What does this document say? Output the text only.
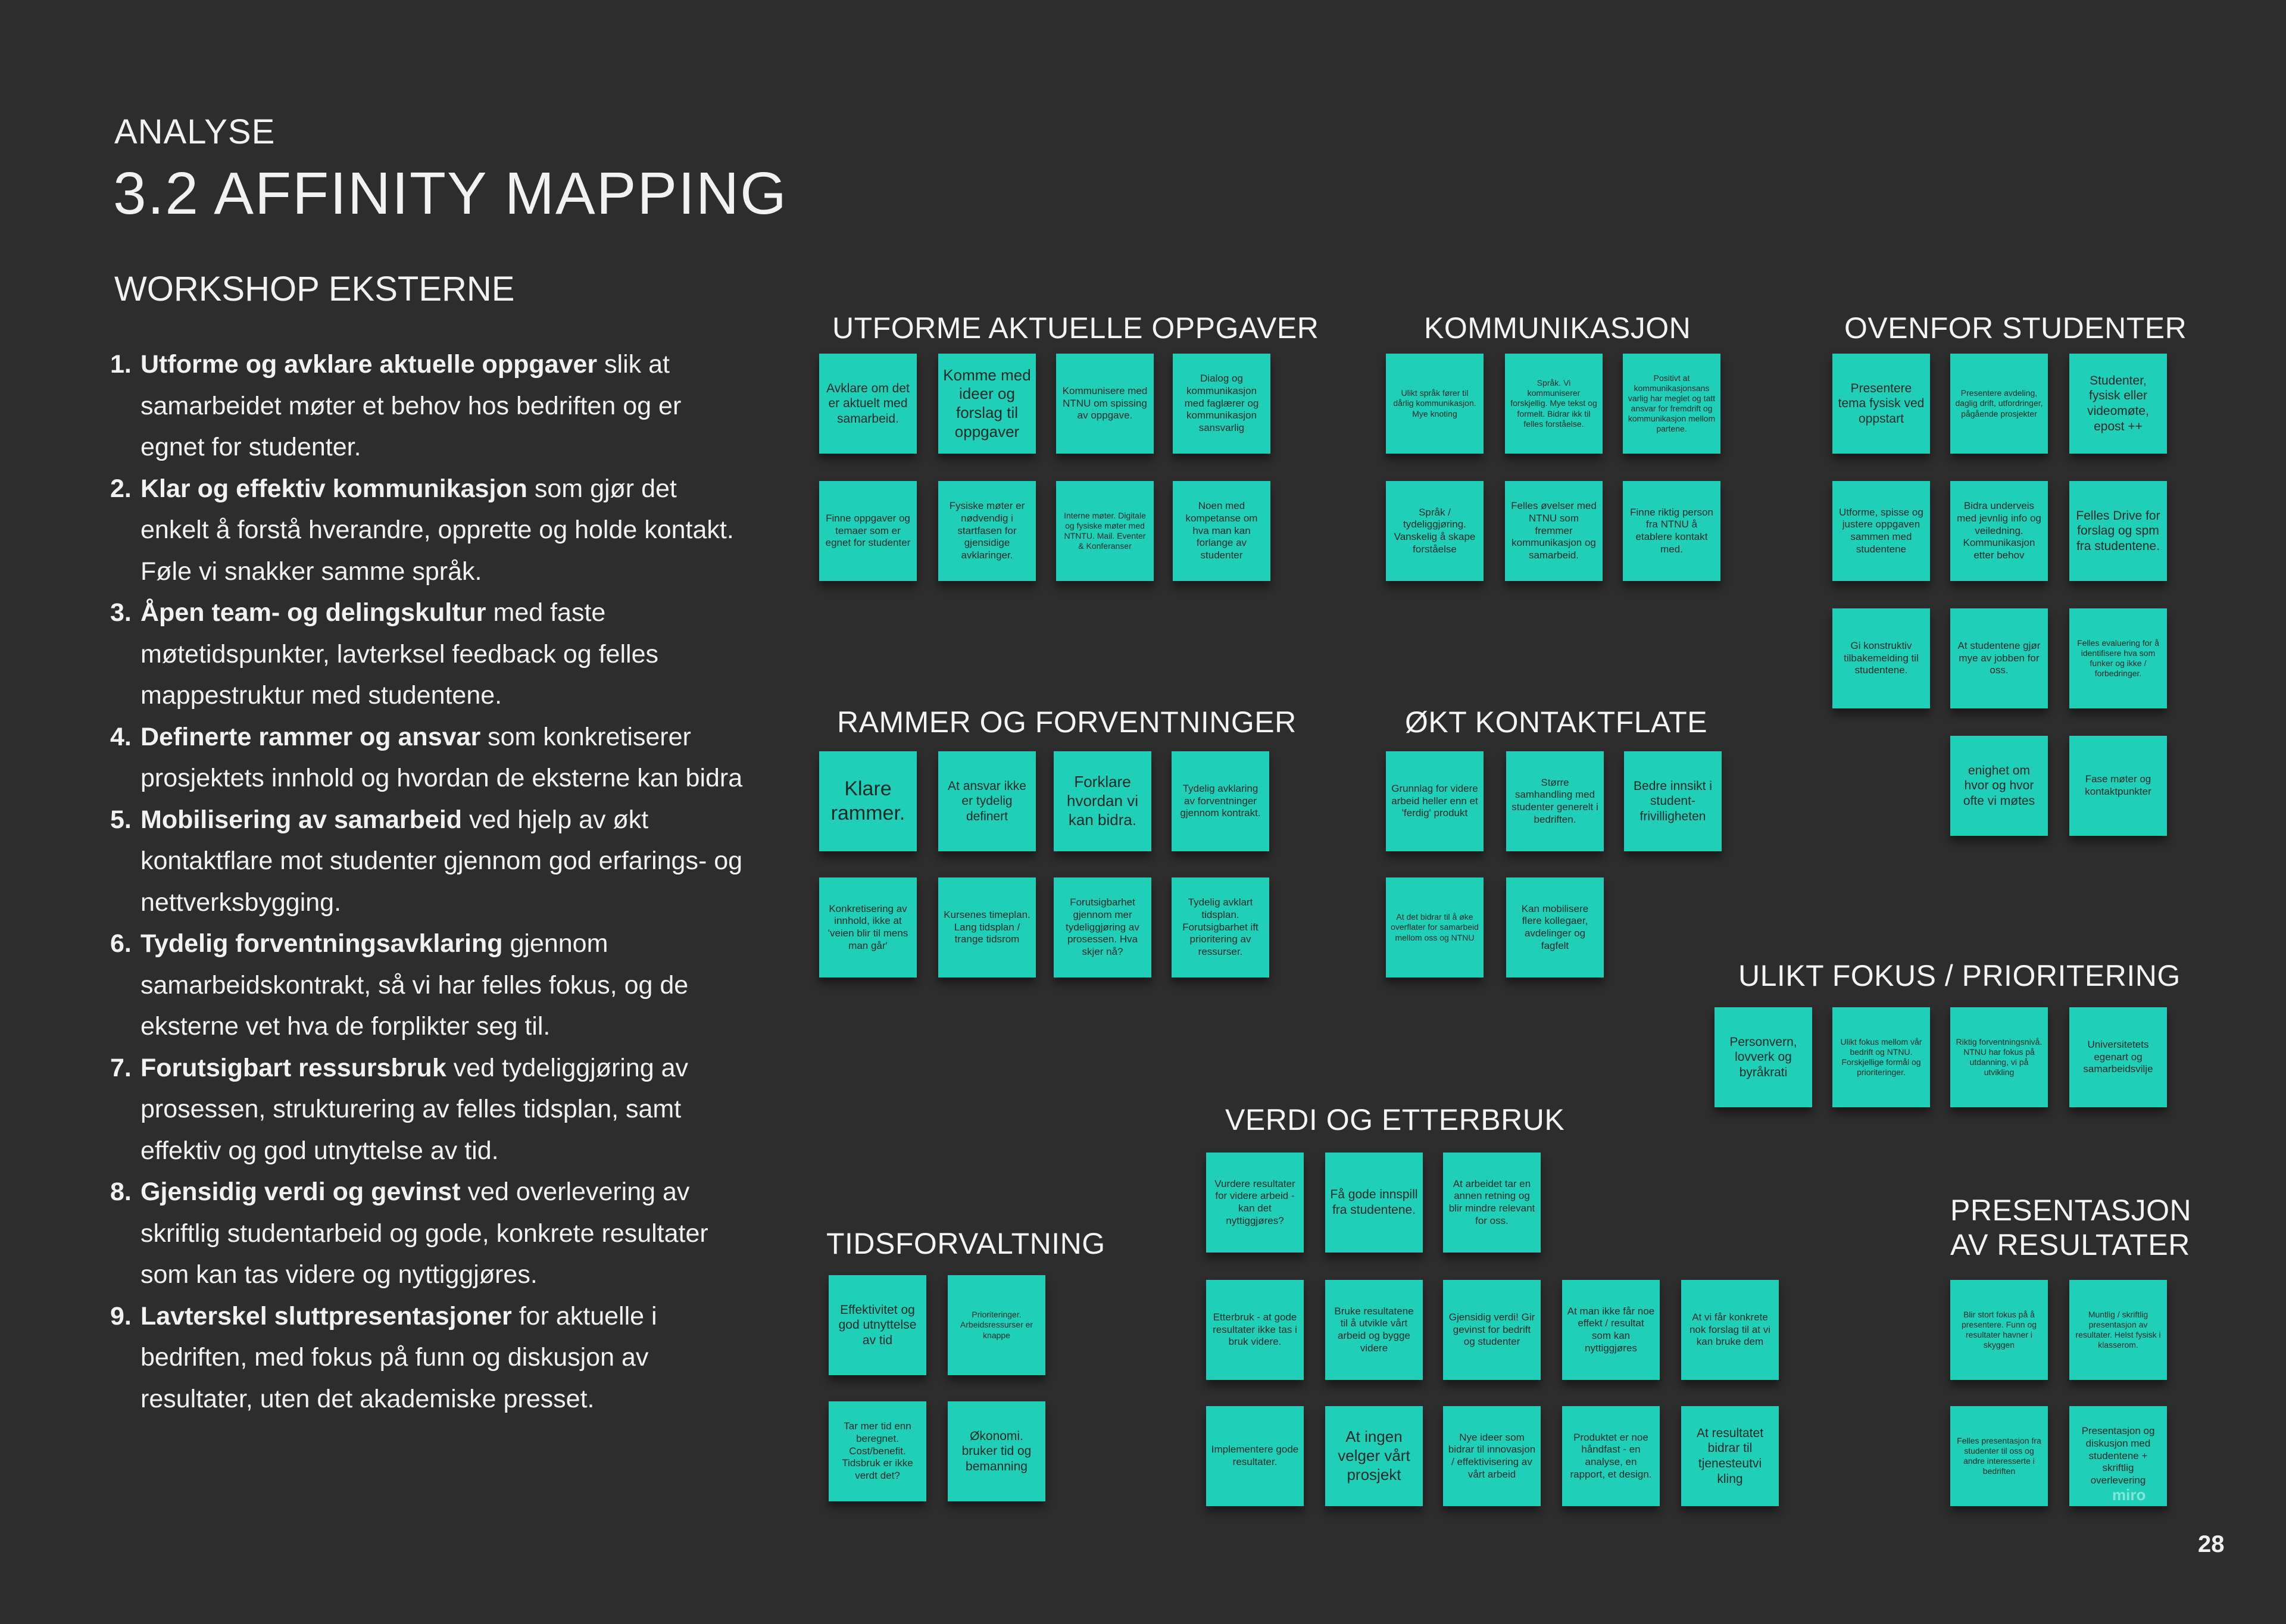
ANALYSE
3.2 AFFINITY MAPPING
WORKSHOP EKSTERNE
1. Utforme og avklare aktuelle oppgaver slik at samarbeidet møter et behov hos bedriften og er egnet for studenter.
2. Klar og effektiv kommunikasjon som gjør det enkelt å forstå hverandre, opprette og holde kontakt. Føle vi snakker samme språk.
3. Åpen team- og delingskultur med faste møtetidspunkter, lavterksel feedback og felles mappestruktur med studentene.
4. Definerte rammer og ansvar som konkretiserer prosjektets innhold og hvordan de eksterne kan bidra
5. Mobilisering av samarbeid ved hjelp av økt kontaktflare mot studenter gjennom god erfarings- og nettverksbygging.
6. Tydelig forventningsavklaring gjennom samarbeidskontrakt, så vi har felles fokus, og de eksterne vet hva de forplikter seg til.
7. Forutsigbart ressursbruk ved tydeliggjøring av prosessen, strukturering av felles tidsplan, samt effektiv og god utnyttelse av tid.
8. Gjensidig verdi og gevinst ved overlevering av skriftlig studentarbeid og gode, konkrete resultater som kan tas videre og nyttiggjøres.
9. Lavterskel sluttpresentasjoner for aktuelle i bedriften, med fokus på funn og diskusjon av resultater, uten det akademiske presset.
UTFORME AKTUELLE OPPGAVER
Avklare om det er aktuelt med samarbeid.
Komme med ideer og forslag til oppgaver
Kommunisere med NTNU om spissing av oppgave.
Dialog og kommunikasjon med faglærer og kommunikasjon sansvarlig
Finne oppgaver og temaer som er egnet for studenter
Fysiske møter er nødvendig i startfasen for gjensidige avklaringer.
Interne møter. Digitale og fysiske møter med NTNTU. Mail. Eventer & Konferanser
Noen med kompetanse om hva man kan forlange av studenter
KOMMUNIKASJON
Ulikt språk fører til dårlig kommunikasjon. Mye knoting
Språk. Vi kommuniserer forskjellig. Mye tekst og formelt. Bidrar ikk til felles forståelse.
Positivt at kommunikasjonsans varlig har meglet og tatt ansvar for fremdrift og kommunikasjon mellom partene.
Språk / tydeliggjøring. Vanskelig å skape forståelse
Felles øvelser med NTNU som fremmer kommunikasjon og samarbeid.
Finne riktig person fra NTNU å etablere kontakt med.
OVENFOR STUDENTER
Presentere tema fysisk ved oppstart
Presentere avdeling, daglig drift, utfordringer, pågående prosjekter
Studenter, fysisk eller videomøte, epost ++
Utforme, spisse og justere oppgaven sammen med studentene
Bidra underveis med jevnlig info og veiledning. Kommunikasjon etter behov
Felles Drive for forslag og spm fra studentene.
Gi konstruktiv tilbakemelding til studentene.
At studentene gjør mye av jobben for oss.
Felles evaluering for å identifisere hva som funker og ikke / forbedringer.
enighet om hvor og hvor ofte vi møtes
Fase møter og kontaktpunkter
RAMMER OG FORVENTNINGER
Klare rammer.
At ansvar ikke er tydelig definert
Forklare hvordan vi kan bidra.
Tydelig avklaring av forventninger gjennom kontrakt.
Konkretisering av innhold, ikke at 'veien blir til mens man går'
Kursenes timeplan. Lang tidsplan / trange tidsrom
Forutsigbarhet gjennom mer tydeliggjøring av prosessen. Hva skjer nå?
Tydelig avklart tidsplan. Forutsigbarhet ift prioritering av ressurser.
ØKT KONTAKTFLATE
Grunnlag for videre arbeid heller enn et 'ferdig' produkt
Større samhandling med studenter generelt i bedriften.
Bedre innsikt i student-frivilligheten
At det bidrar til å øke overflater for samarbeid mellom oss og NTNU
Kan mobilisere flere kollegaer, avdelinger og fagfelt
ULIKT FOKUS / PRIORITERING
Personvern, lovverk og byråkrati
Ulikt fokus mellom vår bedrift og NTNU. Forskjellige formål og prioriteringer.
Riktig forventningsnivå. NTNU har fokus på utdanning, vi på utvikling
Universitetets egenart og samarbeidsvilje
VERDI OG ETTERBRUK
Vurdere resultater for videre arbeid - kan det nyttiggjøres?
Få gode innspill fra studentene.
At arbeidet tar en annen retning og blir mindre relevant for oss.
Etterbruk - at gode resultater ikke tas i bruk videre.
Bruke resultatene til å utvikle vårt arbeid og bygge videre
Gjensidig verdi! Gir gevinst for bedrift og studenter
At man ikke får noe effekt / resultat som kan nyttiggjøres
At vi får konkrete nok forslag til at vi kan bruke dem
Implementere gode resultater.
At ingen velger vårt prosjekt
Nye ideer som bidrar til innovasjon / effektivisering av vårt arbeid
Produktet er noe håndfast - en analyse, en rapport, et design.
At resultatet bidrar til tjenesteutvi kling
TIDSFORVALTNING
Effektivitet og god utnyttelse av tid
Prioriteringer. Arbeidsressurser er knappe
Tar mer tid enn beregnet. Cost/benefit. Tidsbruk er ikke verdt det?
Økonomi. bruker tid og bemanning
PRESENTASJON AV RESULTATER
Blir stort fokus på å presentere. Funn og resultater havner i skyggen
Muntlig / skriftlig presentasjon av resultater. Helst fysisk i klasserom.
Felles presentasjon fra studenter til oss og andre interesserte i bedriften
Presentasjon og diskusjon med studentene + skriftlig overlevering
miro
28
